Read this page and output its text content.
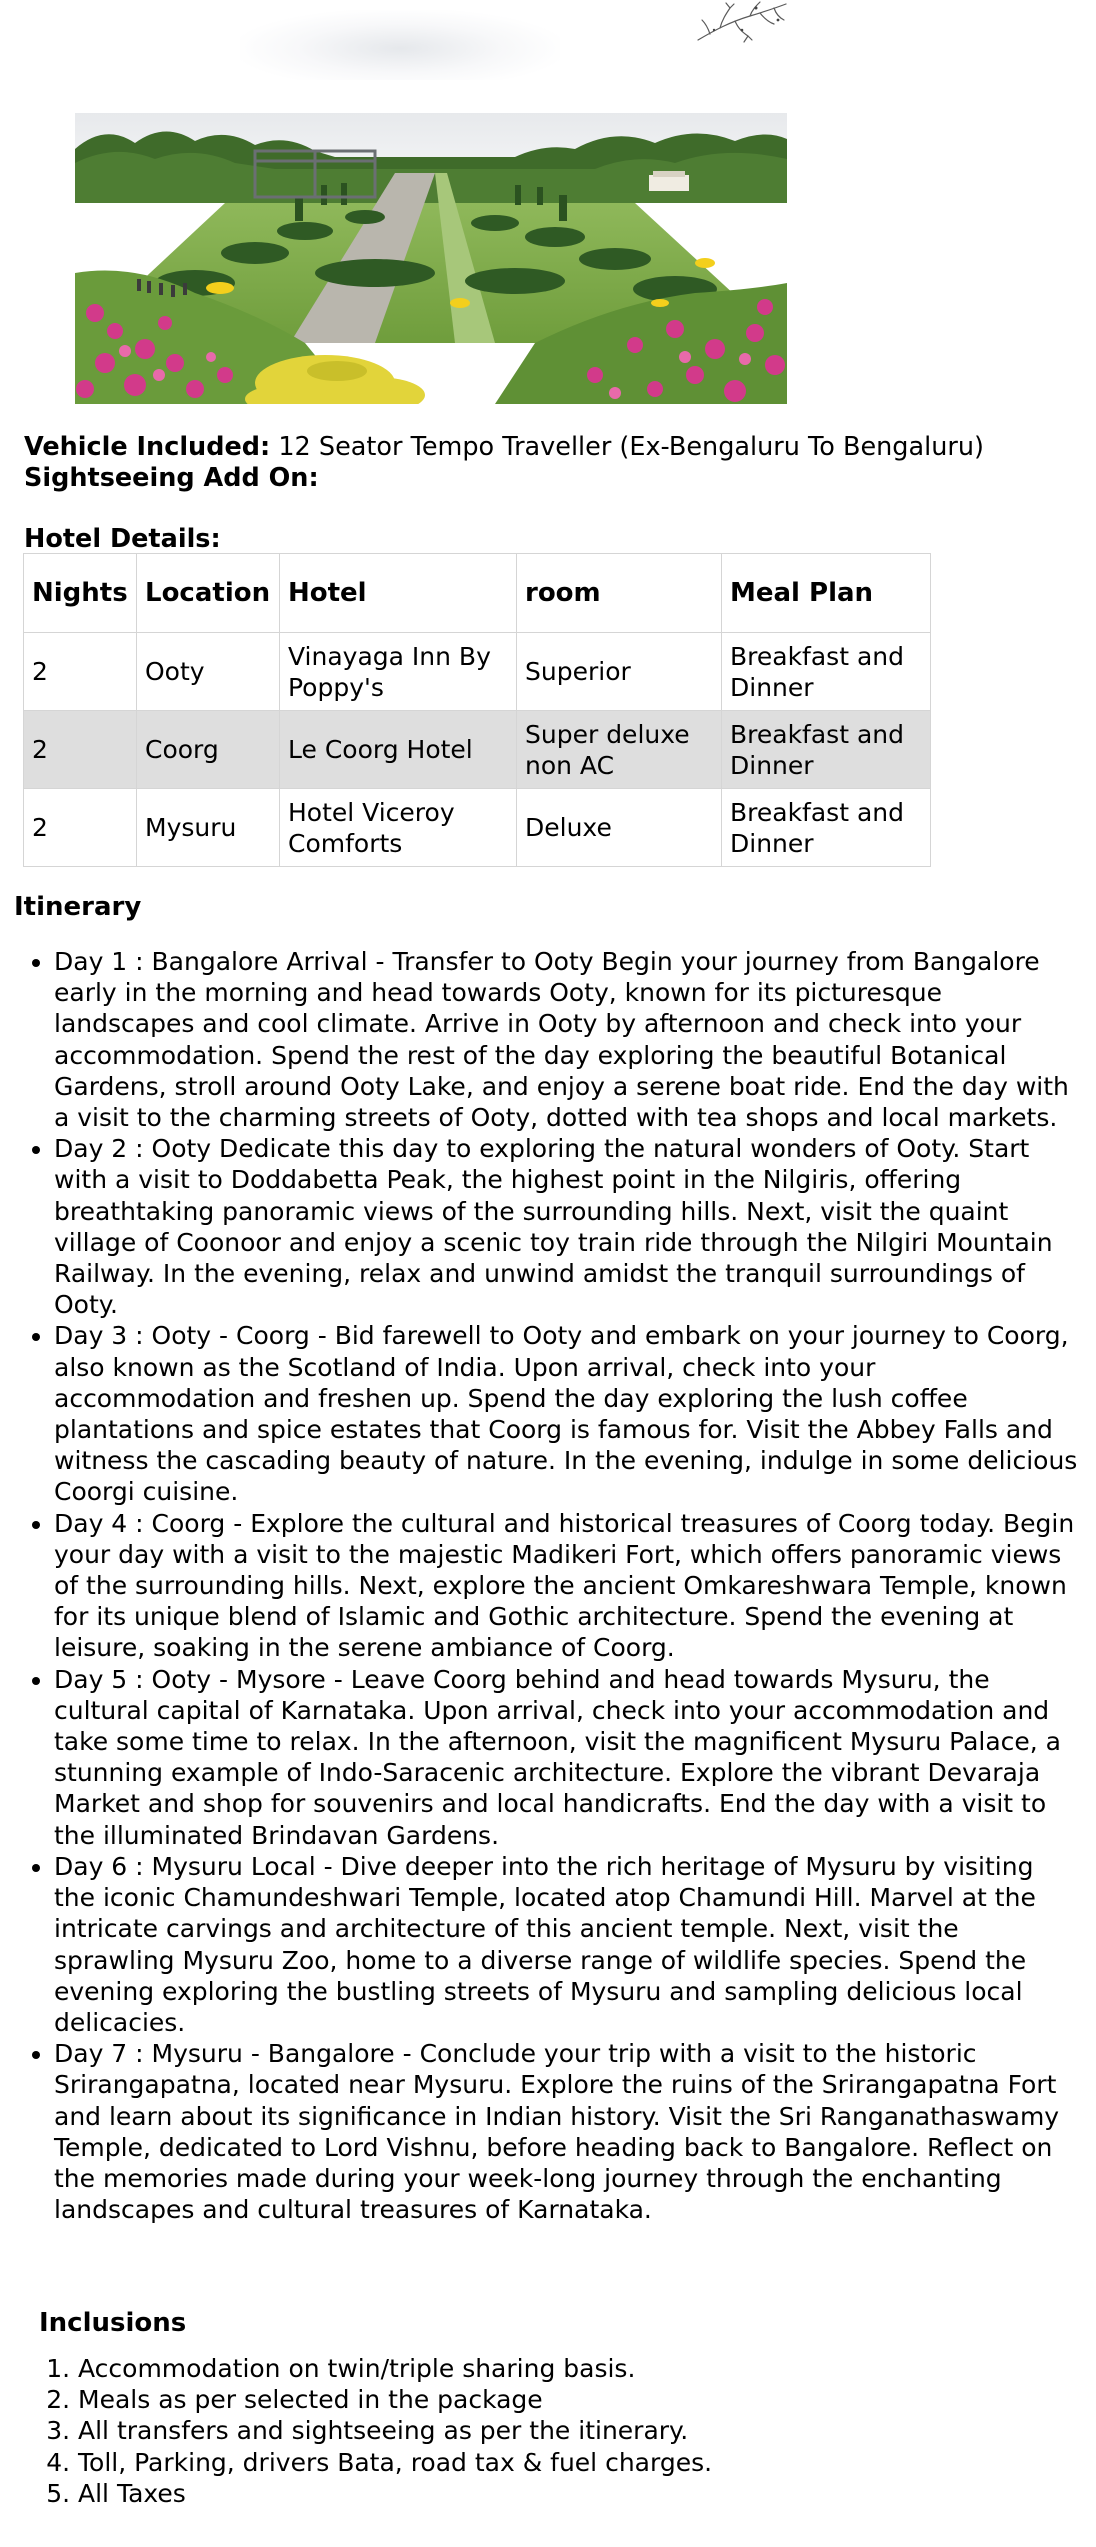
Vehicle Included: 12 Seator Tempo Traveller (Ex-Bengaluru To Bengaluru)
Sightseeing Add On:
Hotel Details:
Nights	Location	Hotel	room	Meal Plan
2	Ooty	Vinayaga Inn By Poppy's	Superior	Breakfast and Dinner
2	Coorg	Le Coorg Hotel	Super deluxe non AC	Breakfast and Dinner
2	Mysuru	Hotel Viceroy Comforts	Deluxe	Breakfast and Dinner
Itinerary
• Day 1 : Bangalore Arrival - Transfer to Ooty Begin your journey from Bangalore early in the morning and head towards Ooty, known for its picturesque landscapes and cool climate. Arrive in Ooty by afternoon and check into your accommodation. Spend the rest of the day exploring the beautiful Botanical Gardens, stroll around Ooty Lake, and enjoy a serene boat ride. End the day with a visit to the charming streets of Ooty, dotted with tea shops and local markets.
• Day 2 : Ooty Dedicate this day to exploring the natural wonders of Ooty. Start with a visit to Doddabetta Peak, the highest point in the Nilgiris, offering breathtaking panoramic views of the surrounding hills. Next, visit the quaint village of Coonoor and enjoy a scenic toy train ride through the Nilgiri Mountain Railway. In the evening, relax and unwind amidst the tranquil surroundings of Ooty.
• Day 3 : Ooty - Coorg - Bid farewell to Ooty and embark on your journey to Coorg, also known as the Scotland of India. Upon arrival, check into your accommodation and freshen up. Spend the day exploring the lush coffee plantations and spice estates that Coorg is famous for. Visit the Abbey Falls and witness the cascading beauty of nature. In the evening, indulge in some delicious Coorgi cuisine.
• Day 4 : Coorg - Explore the cultural and historical treasures of Coorg today. Begin your day with a visit to the majestic Madikeri Fort, which offers panoramic views of the surrounding hills. Next, explore the ancient Omkareshwara Temple, known for its unique blend of Islamic and Gothic architecture. Spend the evening at leisure, soaking in the serene ambiance of Coorg.
• Day 5 : Ooty - Mysore - Leave Coorg behind and head towards Mysuru, the cultural capital of Karnataka. Upon arrival, check into your accommodation and take some time to relax. In the afternoon, visit the magnificent Mysuru Palace, a stunning example of Indo-Saracenic architecture. Explore the vibrant Devaraja Market and shop for souvenirs and local handicrafts. End the day with a visit to the illuminated Brindavan Gardens.
• Day 6 : Mysuru Local - Dive deeper into the rich heritage of Mysuru by visiting the iconic Chamundeshwari Temple, located atop Chamundi Hill. Marvel at the intricate carvings and architecture of this ancient temple. Next, visit the sprawling Mysuru Zoo, home to a diverse range of wildlife species. Spend the evening exploring the bustling streets of Mysuru and sampling delicious local delicacies.
• Day 7 : Mysuru - Bangalore - Conclude your trip with a visit to the historic Srirangapatna, located near Mysuru. Explore the ruins of the Srirangapatna Fort and learn about its significance in Indian history. Visit the Sri Ranganathaswamy Temple, dedicated to Lord Vishnu, before heading back to Bangalore. Reflect on the memories made during your week-long journey through the enchanting landscapes and cultural treasures of Karnataka.
Inclusions
1. Accommodation on twin/triple sharing basis.
2. Meals as per selected in the package
3. All transfers and sightseeing as per the itinerary.
4. Toll, Parking, drivers Bata, road tax & fuel charges.
5. All Taxes
